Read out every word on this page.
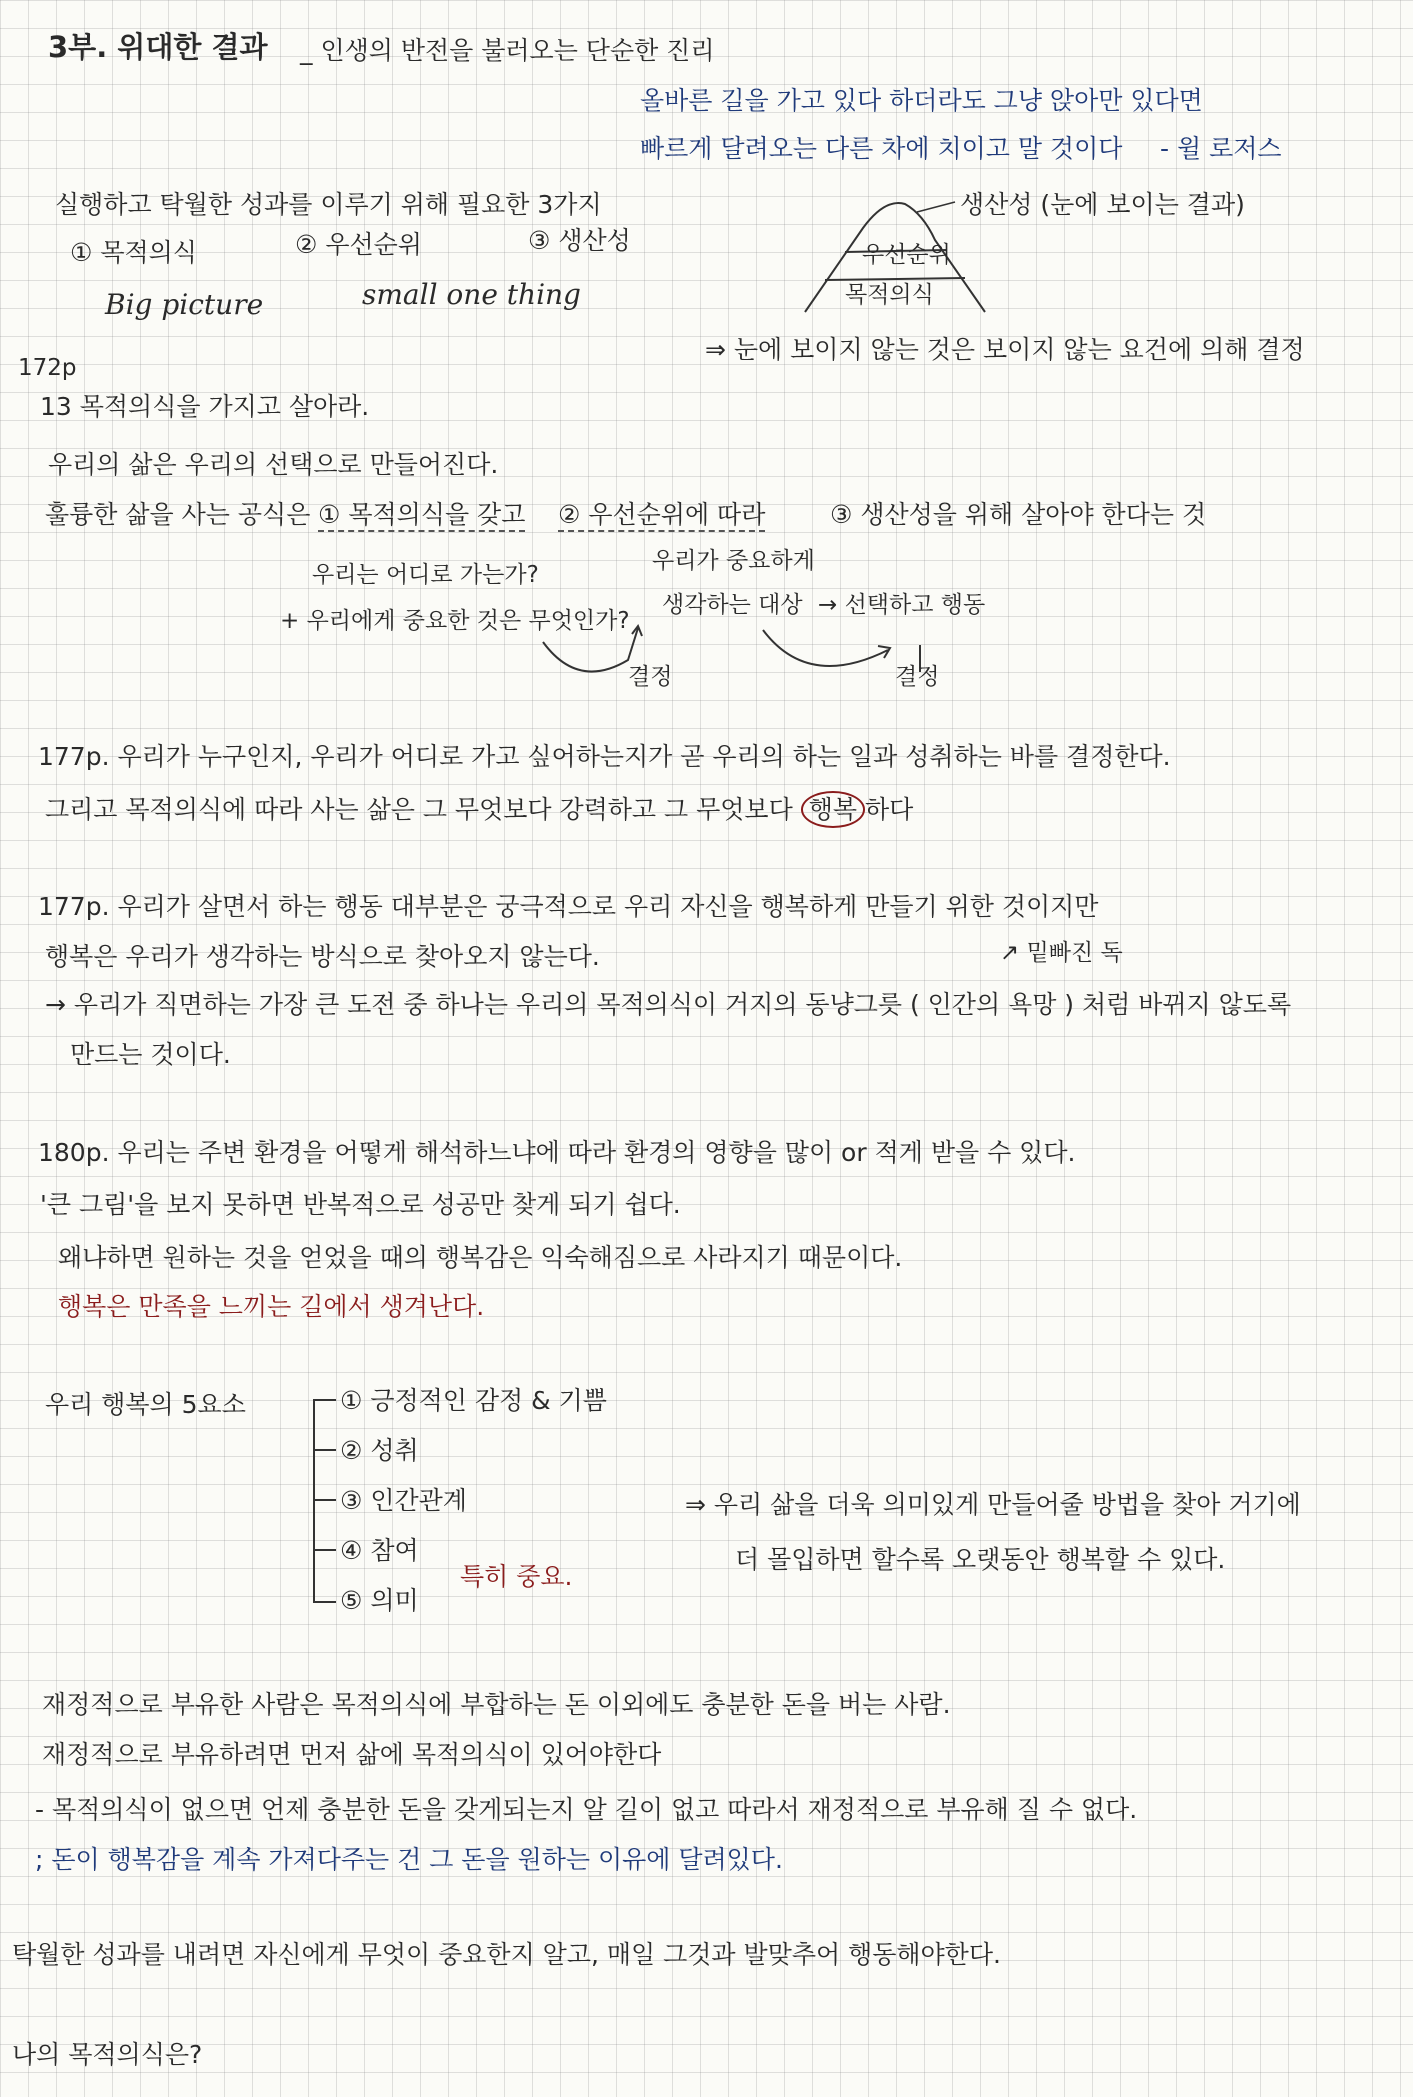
3부. 위대한 결과 _ 인생의 반전을 불러오는 단순한 진리
올바른 길을 가고 있다 하더라도 그냥 앉아만 있다면
빠르게 달려오는 다른 차에 치이고 말 것이다 - 윌 로저스
실행하고 탁월한 성과를 이루기 위해 필요한 3가지
① 목적의식	② 우선순위	③ 생산성
Big picture	small one thing
생산성 (눈에 보이는 결과)
우선순위
목적의식
⇒ 눈에 보이지 않는 것은 보이지 않는 요건에 의해 결정
172p
13 목적의식을 가지고 살아라.
우리의 삶은 우리의 선택으로 만들어진다.
훌륭한 삶을 사는 공식은 ① 목적의식을 갖고 ② 우선순위에 따라	③ 생산성을 위해 살아야 한다는 것
우리는 어디로 가는가?
+ 우리에게 중요한 것은 무엇인가?
우리가 중요하게
생각하는 대상 → 선택하고 행동
결정	결정
177p. 우리가 누구인지, 우리가 어디로 가고 싶어하는지가 곧 우리의 하는 일과 성취하는 바를 결정한다.
그리고 목적의식에 따라 사는 삶은 그 무엇보다 강력하고 그 무엇보다 행복 하다
177p. 우리가 살면서 하는 행동 대부분은 궁극적으로 우리 자신을 행복하게 만들기 위한 것이지만
행복은 우리가 생각하는 방식으로 찾아오지 않는다.	↗ 밑빠진 독
→ 우리가 직면하는 가장 큰 도전 중 하나는 우리의 목적의식이 거지의 동냥그릇 ( 인간의 욕망 ) 처럼 바뀌지 않도록
만드는 것이다.
180p. 우리는 주변 환경을 어떻게 해석하느냐에 따라 환경의 영향을 많이 or 적게 받을 수 있다.
'큰 그림'을 보지 못하면 반복적으로 성공만 찾게 되기 쉽다.
왜냐하면 원하는 것을 얻었을 때의 행복감은 익숙해짐으로 사라지기 때문이다.
행복은 만족을 느끼는 길에서 생겨난다.
우리 행복의 5요소	① 긍정적인 감정 & 기쁨
② 성취
③ 인간관계
④ 참여
⑤ 의미
특히 중요.
⇒ 우리 삶을 더욱 의미있게 만들어줄 방법을 찾아 거기에
더 몰입하면 할수록 오랫동안 행복할 수 있다.
재정적으로 부유한 사람은 목적의식에 부합하는 돈 이외에도 충분한 돈을 버는 사람.
재정적으로 부유하려면 먼저 삶에 목적의식이 있어야한다
- 목적의식이 없으면 언제 충분한 돈을 갖게되는지 알 길이 없고 따라서 재정적으로 부유해 질 수 없다.
; 돈이 행복감을 계속 가져다주는 건 그 돈을 원하는 이유에 달려있다.
탁월한 성과를 내려면 자신에게 무엇이 중요한지 알고, 매일 그것과 발맞추어 행동해야한다.
나의 목적의식은?
